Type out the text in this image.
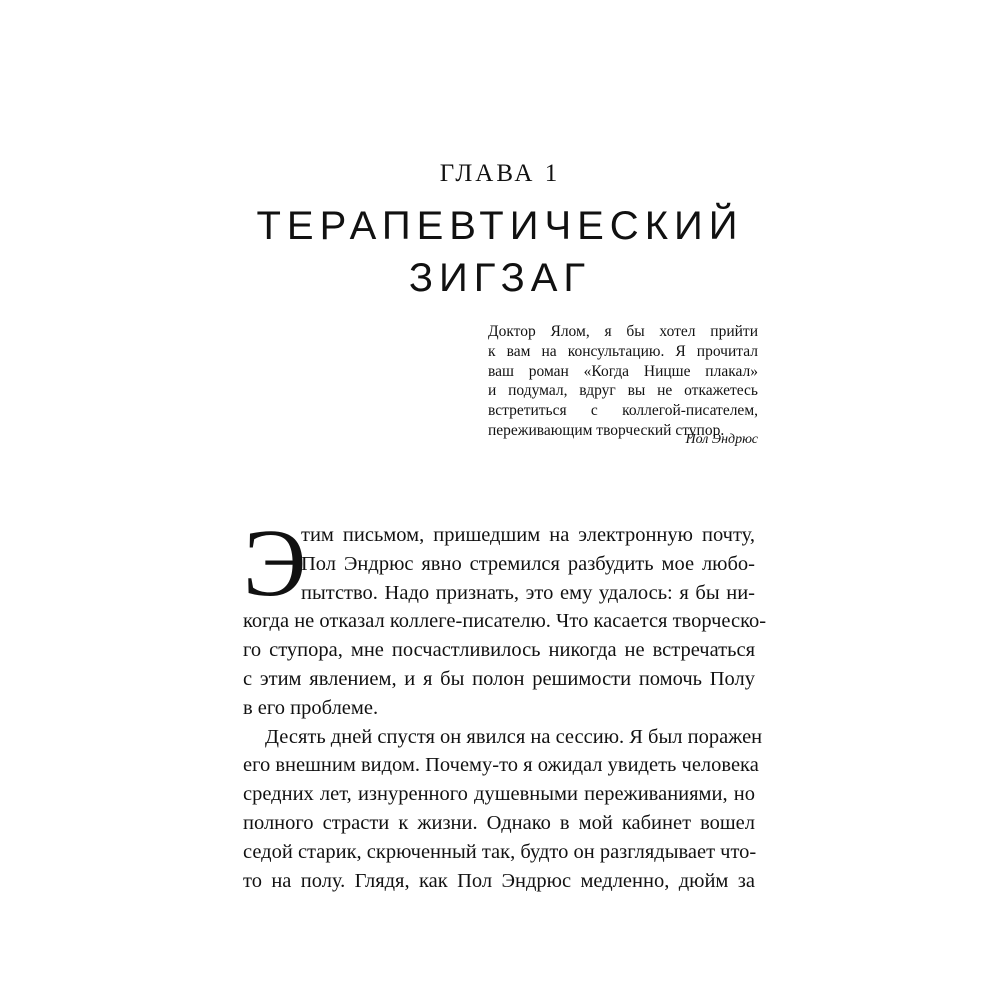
ГЛАВА 1
ТЕРАПЕВТИЧЕСКИЙ
ЗИГЗАГ
Доктор Ялом, я бы хотел прийти
к вам на консультацию. Я прочитал
ваш роман «Когда Ницше плакал»
и подумал, вдруг вы не откажетесь
встретиться с коллегой-писателем,
переживающим творческий ступор.
Пол Эндрюс
Э
тим письмом, пришедшим на электронную почту,
Пол Эндрюс явно стремился разбудить мое любо-
пытство. Надо признать, это ему удалось: я бы ни-
когда не отказал коллеге-писателю. Что касается творческо-
го ступора, мне посчастливилось никогда не встречаться
с этим явлением, и я бы полон решимости помочь Полу
в его проблеме.
Десять дней спустя он явился на сессию. Я был поражен
его внешним видом. Почему-то я ожидал увидеть человека
средних лет, изнуренного душевными переживаниями, но
полного страсти к жизни. Однако в мой кабинет вошел
седой старик, скрюченный так, будто он разглядывает что-
то на полу. Глядя, как Пол Эндрюс медленно, дюйм за
